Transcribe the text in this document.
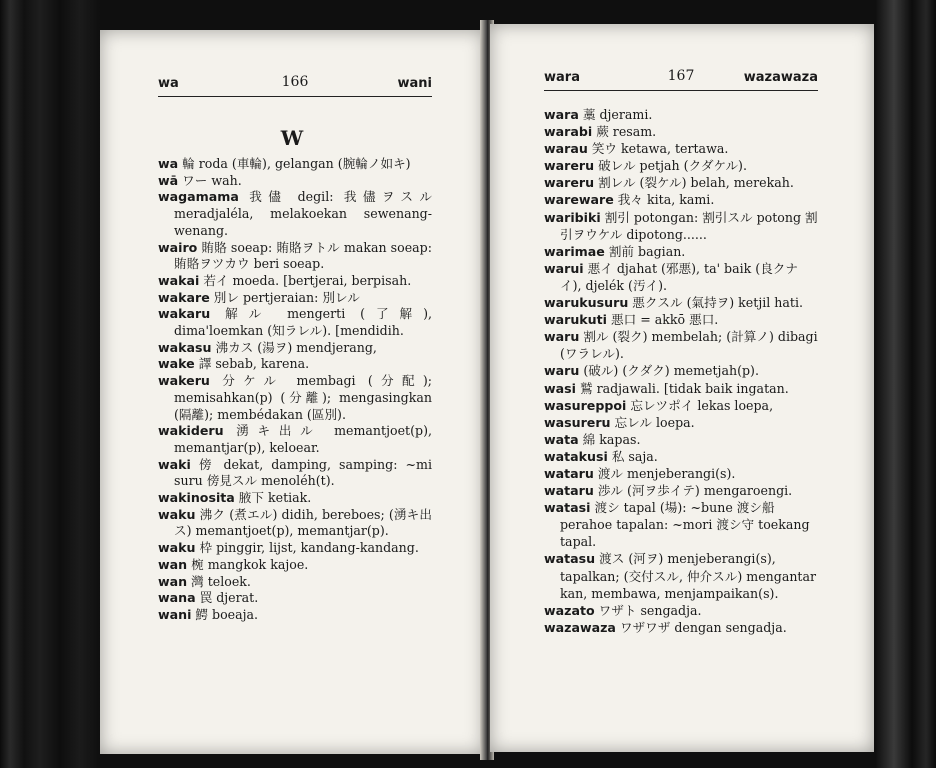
wa	166	wani
W
wa 輪 roda (車輪), gelangan (腕輪ノ如キ)
wā ワー wah.
wagamama 我儘 degil: 我儘ヲスル meradjaléla, melakoekan sewenang-wenang.
wairo 賄賂 soeap: 賄賂ヲトル makan soeap: 賄賂ヲツカウ beri soeap.
wakai 若イ moeda. [bertjerai, berpisah.
wakare 別レ pertjeraian: 別レル
wakaru 解ル mengerti (了解), dima'loemkan (知ラレル). [mendidih.
wakasu 沸カス (湯ヲ) mendjerang,
wake 譯 sebab, karena.
wakeru 分ケル membagi (分配); memisahkan(p) (分離); mengasingkan (隔離); membédakan (區別).
wakideru 湧キ出ル memantjoet(p), memantjar(p), keloear.
waki 傍 dekat, damping, samping: ~mi suru 傍見スル menoléh(t).
wakinosita 腋下 ketiak.
waku 沸ク (煮エル) didih, bereboes; (湧キ出ス) memantjoet(p), memantjar(p).
waku 枠 pinggir, lijst, kandang-kandang.
wan 椀 mangkok kajoe.
wan 灣 teloek.
wana 罠 djerat.
wani 鰐 boeaja.
wara	167	wazawaza
wara 藁 djerami.
warabi 蕨 resam.
warau 笑ウ ketawa, tertawa.
wareru 破レル petjah (クダケル).
wareru 割レル (裂ケル) belah, merekah.
wareware 我々 kita, kami.
waribiki 割引 potongan: 割引スル potong 割引ヲウケル dipotong......
warimae 割前 bagian.
warui 悪イ djahat (邪悪), ta' baik (良クナイ), djelék (汚イ).
warukusuru 悪クスル (氣持ヲ) ketjil hati.
warukuti 悪口 = akkō 悪口.
waru 割ル (裂ク) membelah; (計算ノ) dibagi (ワラレル).
waru (破ル) (クダク) memetjah(p).
wasi 鷲 radjawali. [tidak baik ingatan.
wasureppoi 忘レツポイ lekas loepa,
wasureru 忘レル loepa.
wata 綿 kapas.
watakusi 私 saja.
wataru 渡ル menjeberangi(s).
wataru 渉ル (河ヲ歩イテ) mengaroengi.
watasi 渡シ tapal (場): ~bune 渡シ船 perahoe tapalan: ~mori 渡シ守 toekang tapal.
watasu 渡ス (河ヲ) menjeberangi(s), tapalkan; (交付スル, 仲介スル) mengantar kan, membawa, menjampaikan(s).
wazato ワザト sengadja.
wazawaza ワザワザ dengan sengadja.
